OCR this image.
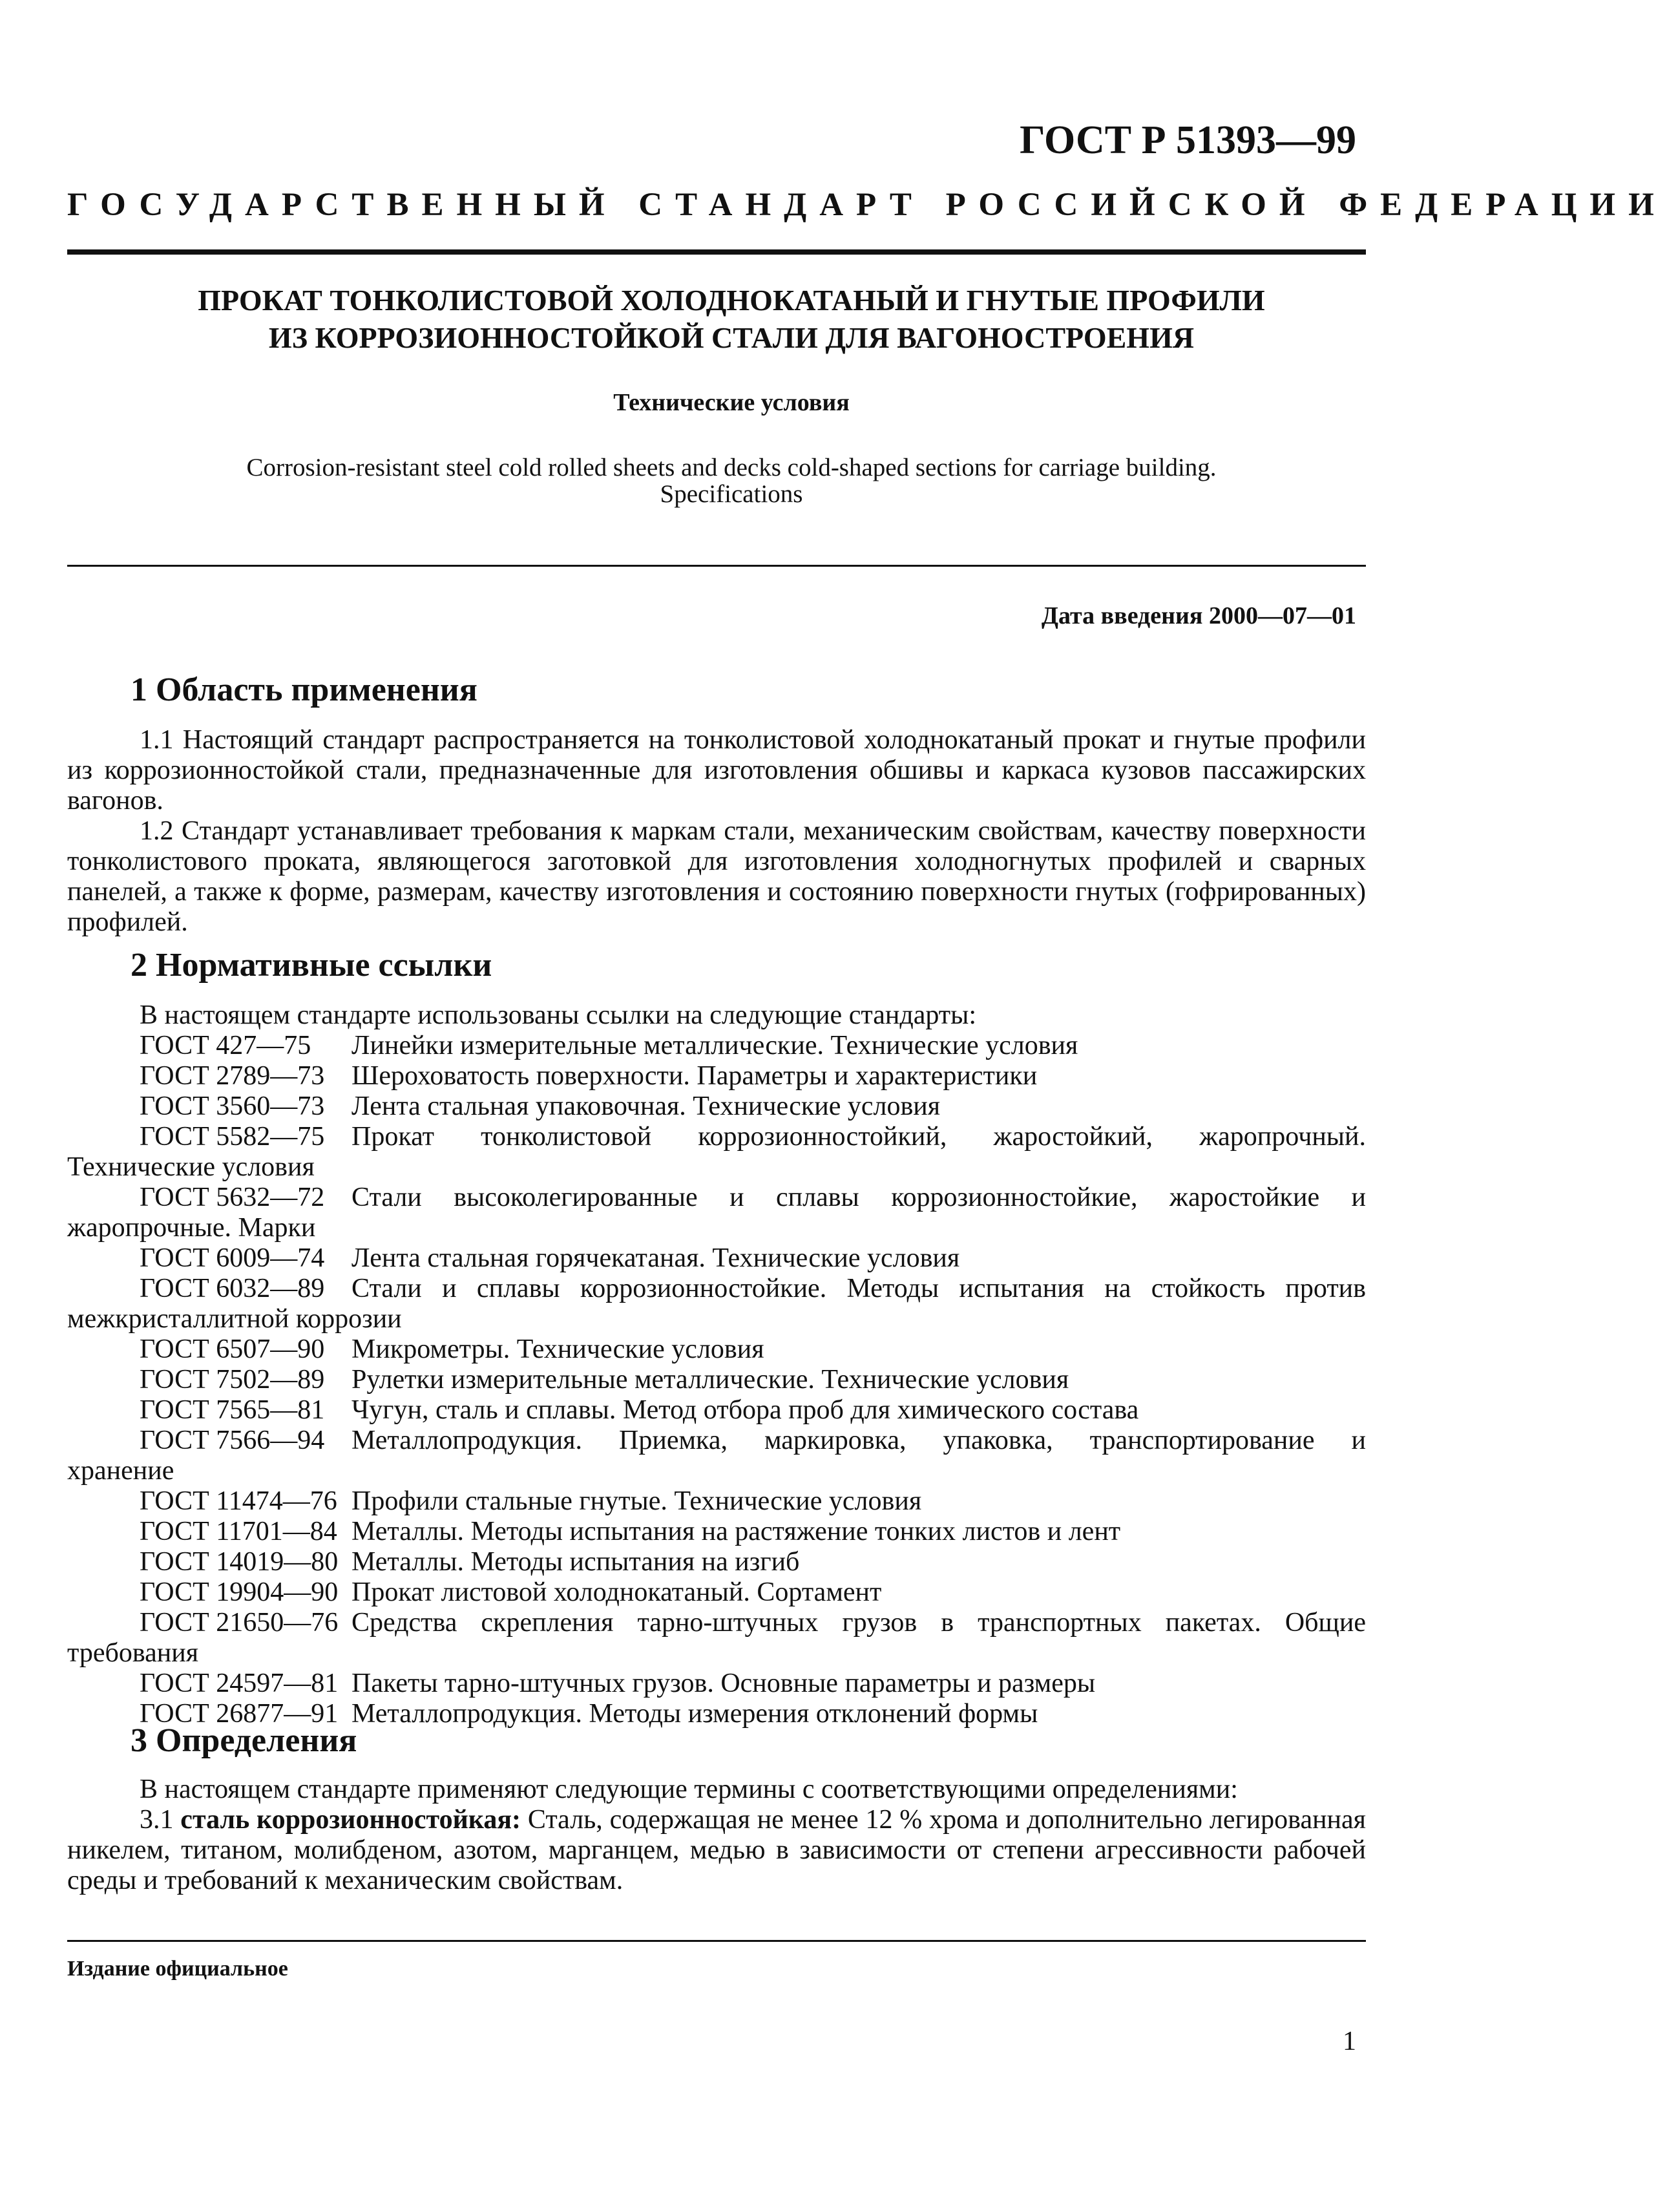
ГОСТ Р 51393—99
ГОСУДАРСТВЕННЫЙ СТАНДАРТ РОССИЙСКОЙ ФЕДЕРАЦИИ
ПРОКАТ ТОНКОЛИСТОВОЙ ХОЛОДНОКАТАНЫЙ И ГНУТЫЕ ПРОФИЛИ
ИЗ КОРРОЗИОННОСТОЙКОЙ СТАЛИ ДЛЯ ВАГОНОСТРОЕНИЯ
Технические условия
Corrosion-resistant steel cold rolled sheets and decks cold-shaped sections for carriage building.
Specifications
Дата введения 2000—07—01
1 Область применения

1.1 Настоящий стандарт распространяется на тонколистовой холоднокатаный прокат и гнутые профили из коррозионностойкой стали, предназначенные для изготовления обшивы и каркаса кузовов пассажирских вагонов.

1.2 Стандарт устанавливает требования к маркам стали, механическим свойствам, качеству поверхности тонколистового проката, являющегося заготовкой для изготовления холодногнутых профилей и сварных панелей, а также к форме, размерам, качеству изготовления и состоянию поверхности гнутых (гофрированных) профилей.

2 Нормативные ссылки
В настоящем стандарте использованы ссылки на следующие стандарты:
ГОСТ 427—75	Линейки измерительные металлические. Технические условия
ГОСТ 2789—73 Шероховатость поверхности. Параметры и характеристики
ГОСТ 3560—73 Лента стальная упаковочная. Технические условия
ГОСТ 5582—75 Прокат тонколистовой коррозионностойкий, жаростойкий, жаропрочный.
Технические условия
ГОСТ 5632—72 Стали высоколегированные и сплавы коррозионностойкие, жаростойкие и
жаропрочные. Марки
ГОСТ 6009—74 Лента стальная горячекатаная. Технические условия
ГОСТ 6032—89 Стали и сплавы коррозионностойкие. Методы испытания на стойкость против
межкристаллитной коррозии
ГОСТ 6507—90 Микрометры. Технические условия
ГОСТ 7502—89 Рулетки измерительные металлические. Технические условия
ГОСТ 7565—81 Чугун, сталь и сплавы. Метод отбора проб для химического состава
ГОСТ 7566—94 Металлопродукция. Приемка, маркировка, упаковка, транспортирование и
хранение
ГОСТ 11474—76 Профили стальные гнутые. Технические условия
ГОСТ 11701—84 Металлы. Методы испытания на растяжение тонких листов и лент
ГОСТ 14019—80 Металлы. Методы испытания на изгиб
ГОСТ 19904—90 Прокат листовой холоднокатаный. Сортамент
ГОСТ 21650—76 Средства скрепления тарно-штучных грузов в транспортных пакетах. Общие
требования
ГОСТ 24597—81 Пакеты тарно-штучных грузов. Основные параметры и размеры
ГОСТ 26877—91 Металлопродукция. Методы измерения отклонений формы
3 Определения

В настоящем стандарте применяют следующие термины с соответствующими определениями:

3.1 сталь коррозионностойкая: Сталь, содержащая не менее 12 % хрома и дополнительно легированная никелем, титаном, молибденом, азотом, марганцем, медью в зависимости от степени агрессивности рабочей среды и требований к механическим свойствам.

Издание официальное
1
